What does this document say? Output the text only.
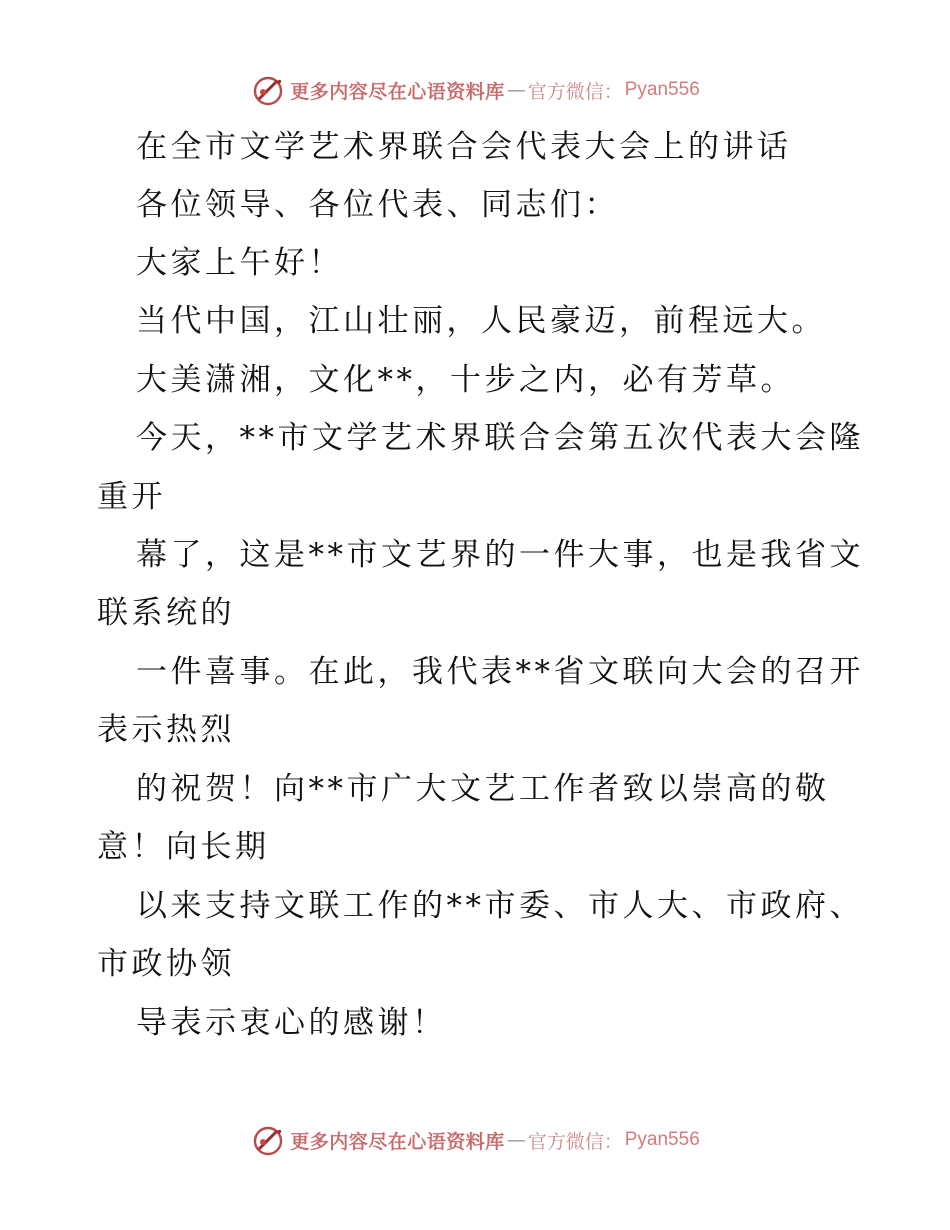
更多内容尽在心语资料库 — 官方微信： Pyan556
在全市文学艺术界联合会代表大会上的讲话
各位领导、各位代表、同志们：
大家上午好！
当代中国，江山壮丽，人民豪迈，前程远大。
大美潇湘，文化**，十步之内，必有芳草。
今天，**市文学艺术界联合会第五次代表大会隆
重开
幕了，这是**市文艺界的一件大事，也是我省文
联系统的
一件喜事。在此，我代表**省文联向大会的召开
表示热烈
的祝贺！向**市广大文艺工作者致以崇高的敬
意！向长期
以来支持文联工作的**市委、市人大、市政府、
市政协领
导表示衷心的感谢！
更多内容尽在心语资料库 — 官方微信： Pyan556
